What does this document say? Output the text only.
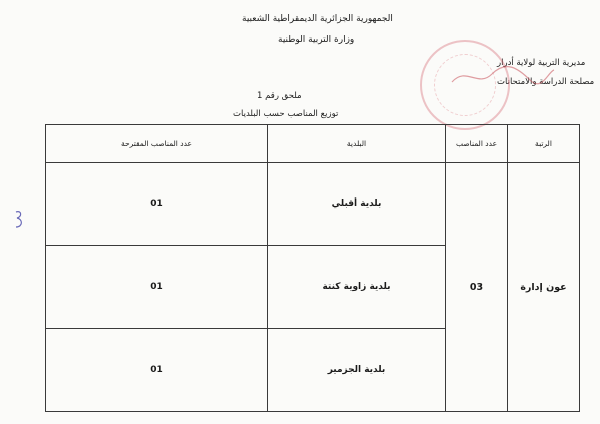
الجمهورية الجزائرية الديمقراطية الشعبية
وزارة التربية الوطنية
مديرية التربية لولاية أدرار
مصلحة الدراسة والامتحانات
ملحق رقم 1
توزيع المناصب حسب البلديات
الرتبة	عدد المناصب	البلدية	عدد المناصب المقترحة
عون إدارة	03	بلدية أقبلي	01
		بلدية زاوية كنتة	01
		بلدية الجزمير	01
